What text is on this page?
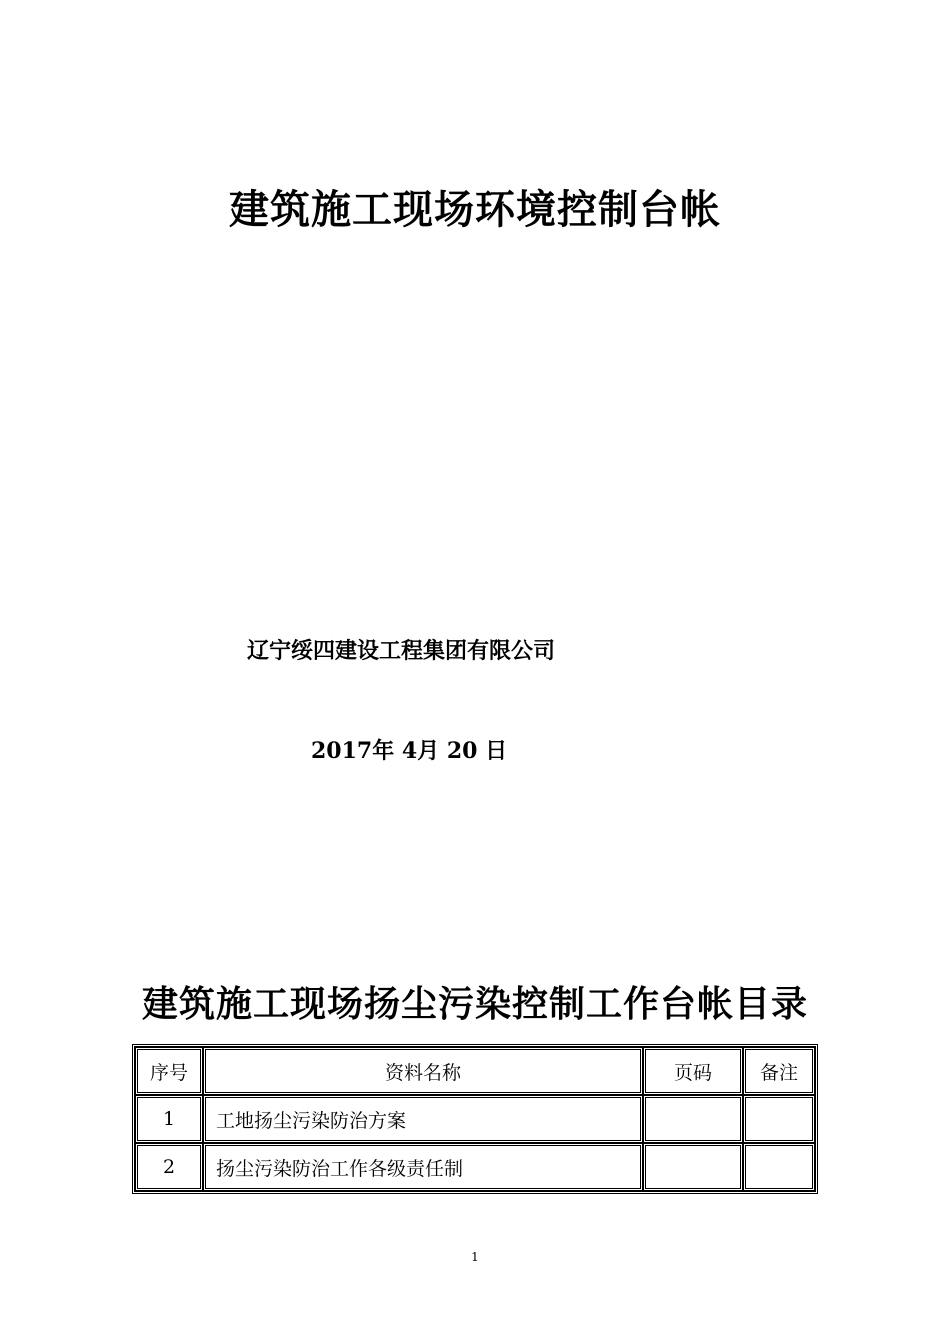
建筑施工现场环境控制台帐
辽宁绥四建设工程集团有限公司
2017年 4月 20 日
建筑施工现场扬尘污染控制工作台帐目录
序号	资料名称	页码	备注
1	工地扬尘污染防治方案		
2	扬尘污染防治工作各级责任制		
1
